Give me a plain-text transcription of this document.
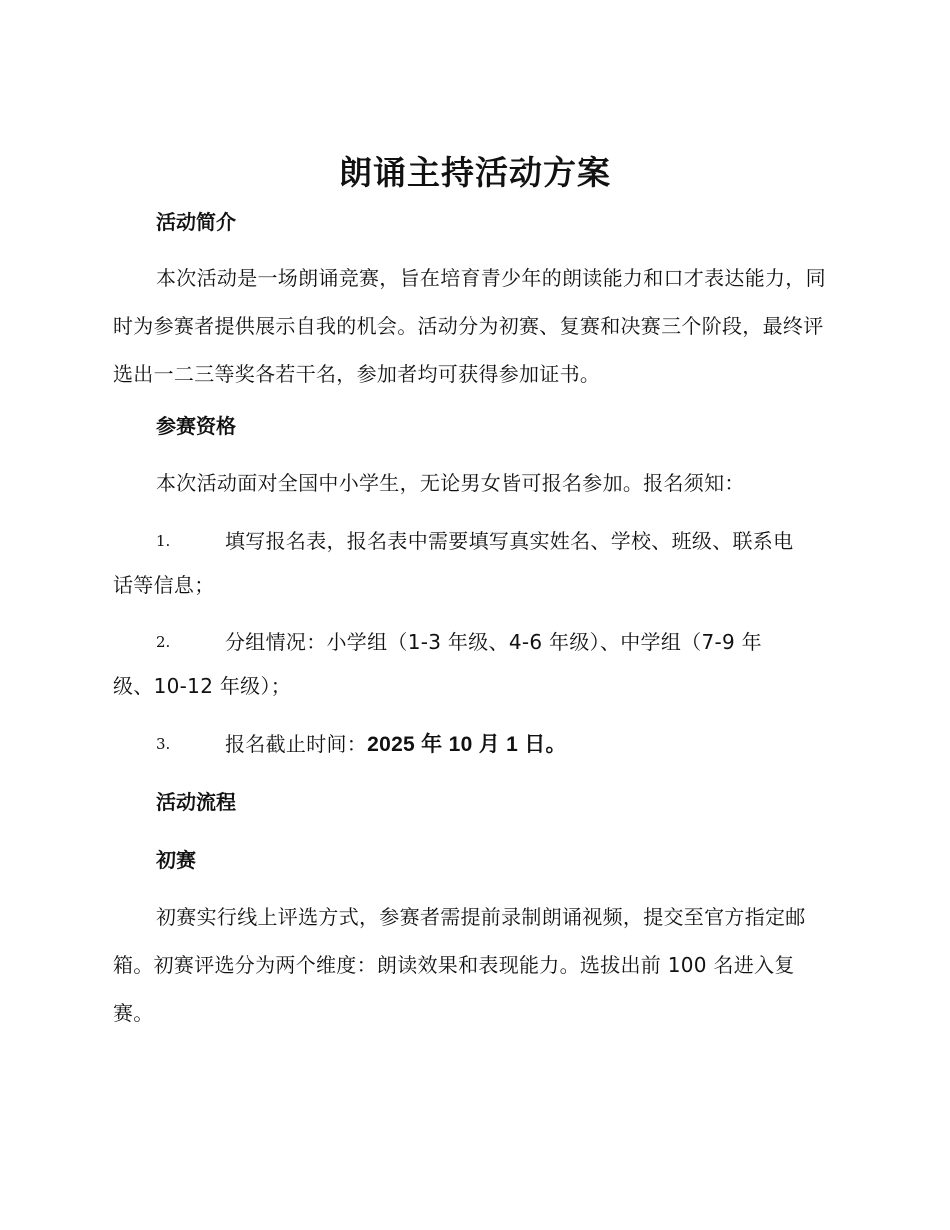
朗诵主持活动方案
活动简介
本次活动是一场朗诵竞赛，旨在培育青少年的朗读能力和口才表达能力，同时为参赛者提供展示自我的机会。活动分为初赛、复赛和决赛三个阶段，最终评选出一二三等奖各若干名，参加者均可获得参加证书。
参赛资格
本次活动面对全国中小学生，无论男女皆可报名参加。报名须知：
1.	填写报名表，报名表中需要填写真实姓名、学校、班级、联系电
话等信息；
2.	分组情况：小学组（1-3 年级、4-6 年级）、中学组（7-9 年
级、10-12 年级）；
3.	报名截止时间：2025 年 10 月 1 日。
活动流程
初赛
初赛实行线上评选方式，参赛者需提前录制朗诵视频，提交至官方指定邮箱。初赛评选分为两个维度：朗读效果和表现能力。选拔出前 100 名进入复赛。
